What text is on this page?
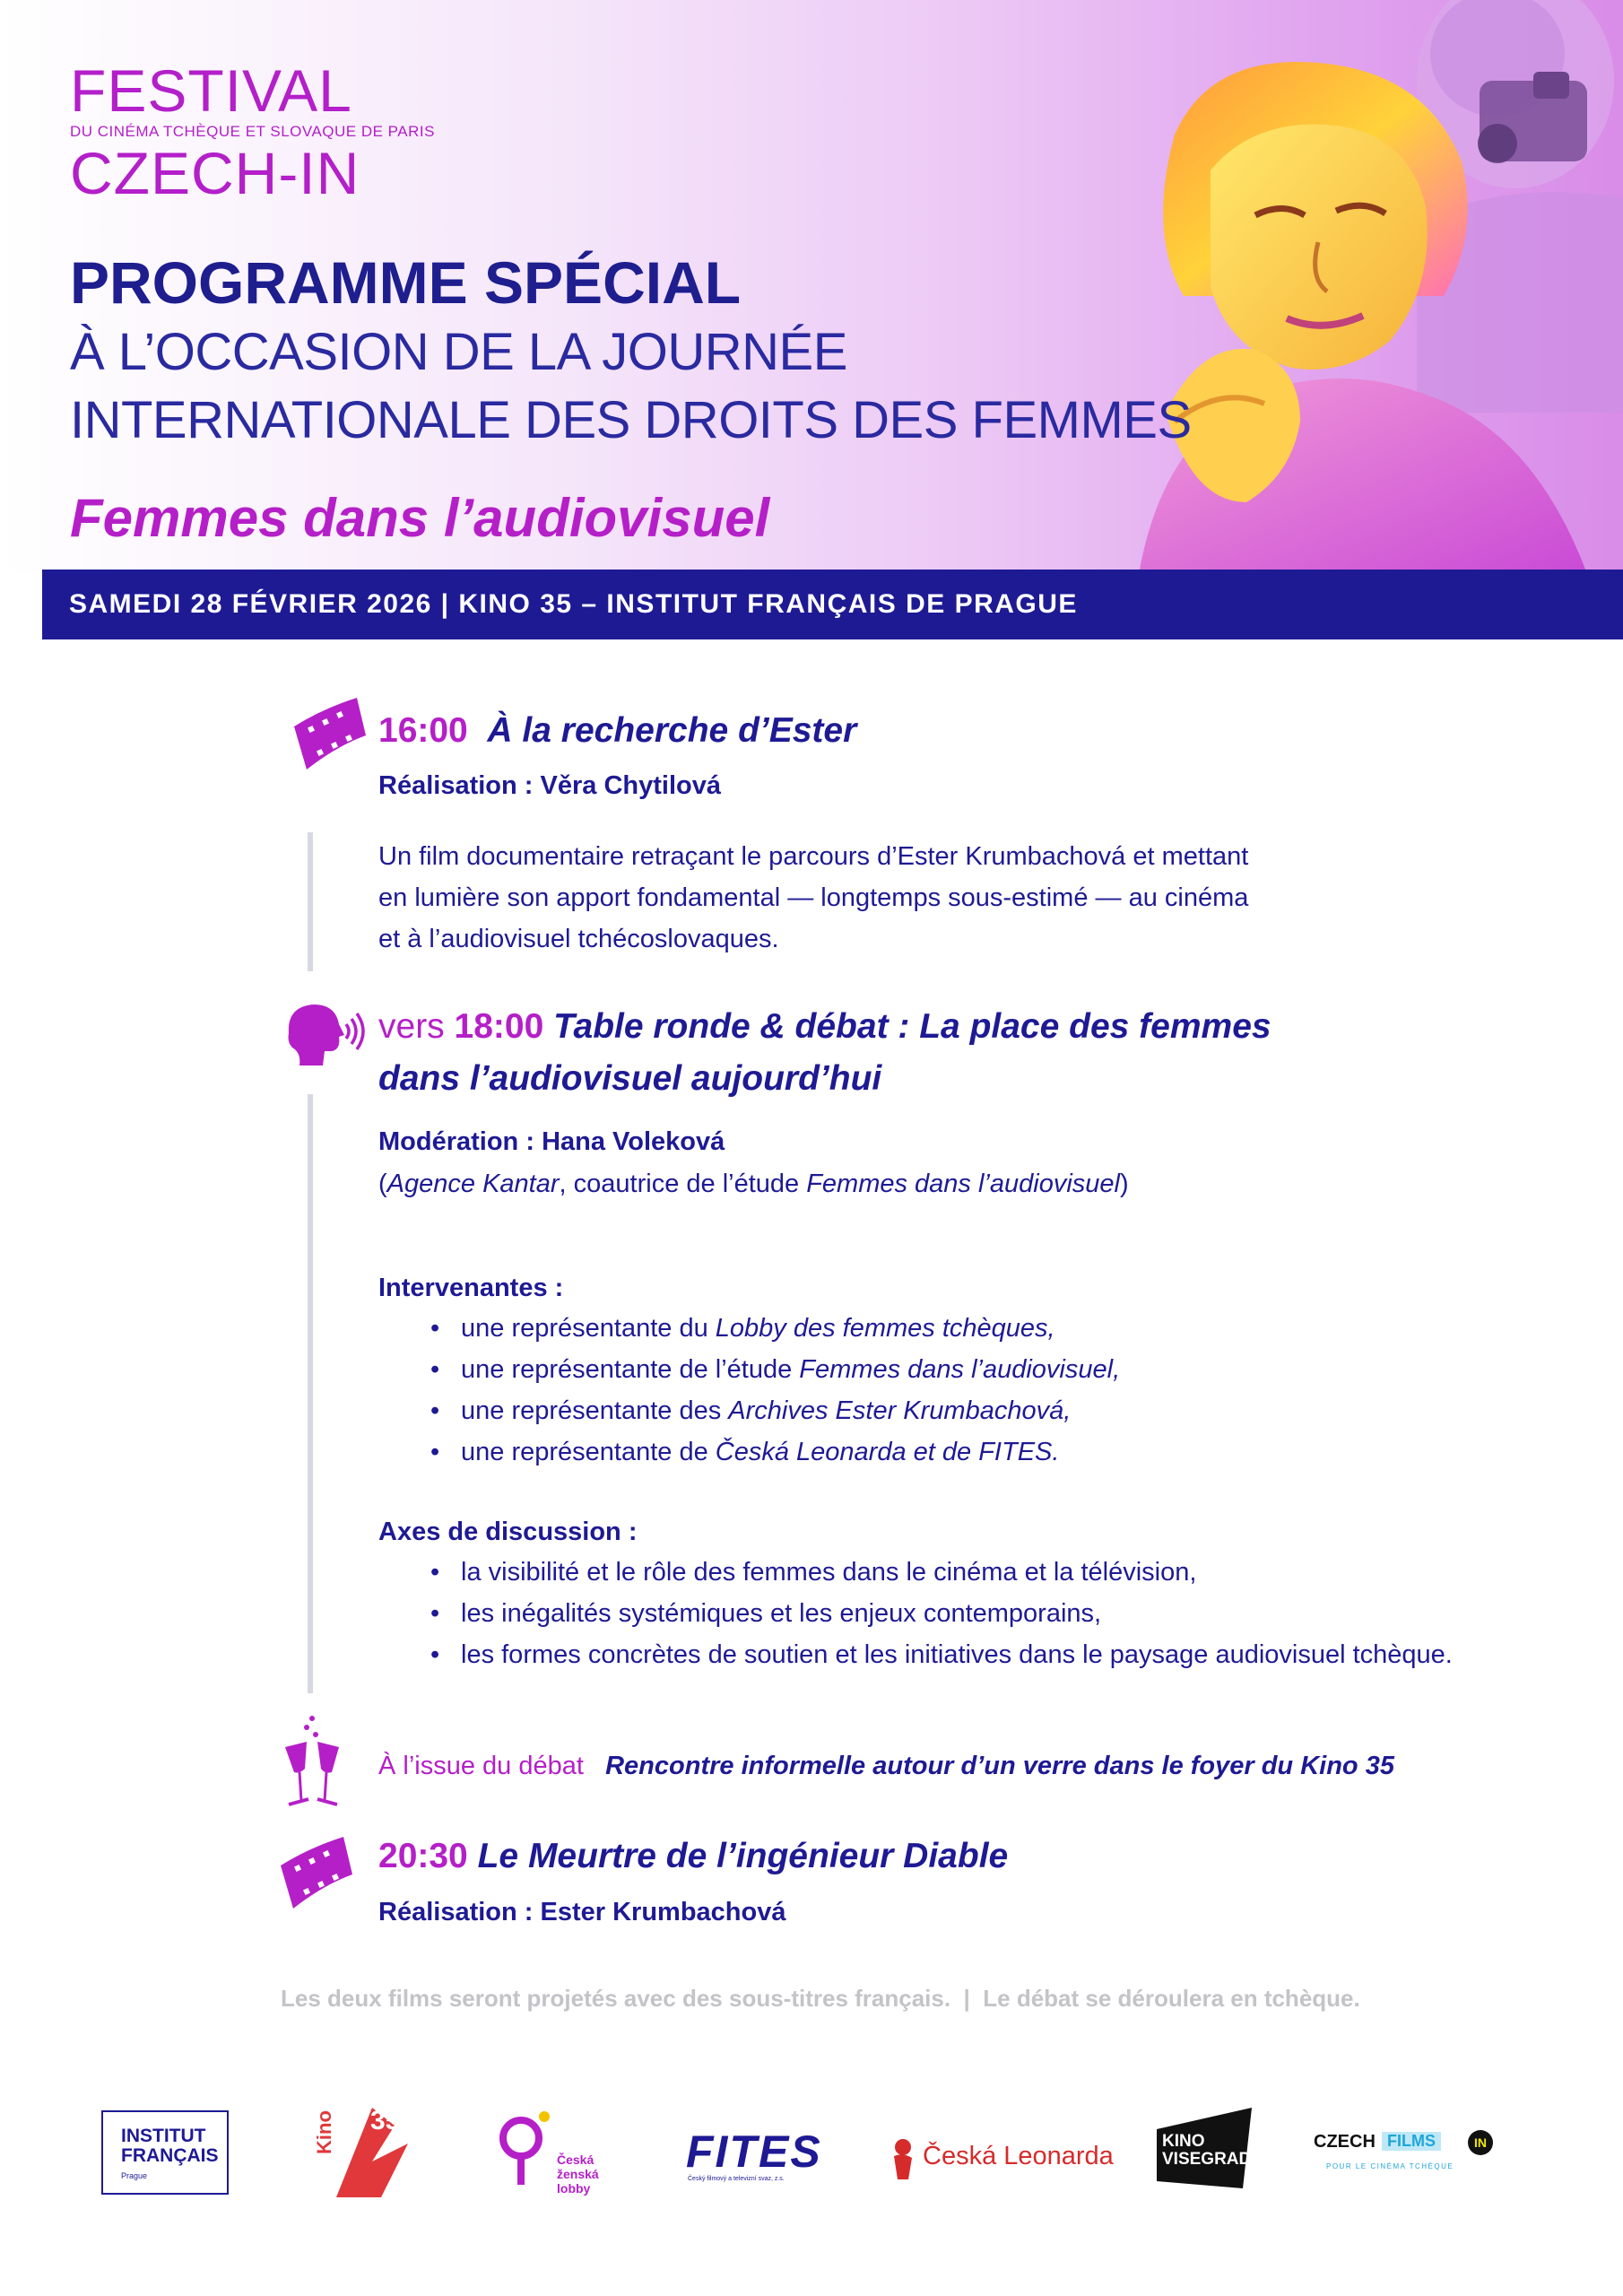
FESTIVAL
DU CINÉMA TCHÈQUE ET SLOVAQUE DE PARIS
CZECH-IN
PROGRAMME SPÉCIAL
À L’OCCASION DE LA JOURNÉE
INTERNATIONALE DES DROITS DES FEMMES
Femmes dans l’audiovisuel
SAMEDI 28 FÉVRIER 2026 | KINO 35 – INSTITUT FRANÇAIS DE PRAGUE
16:00 À la recherche d’Ester
Réalisation : Věra Chytilová
Un film documentaire retraçant le parcours d’Ester Krumbachová et mettant
en lumière son apport fondamental — longtemps sous-estimé — au cinéma
et à l’audiovisuel tchécoslovaques.
vers 18:00 Table ronde & débat : La place des femmes
dans l’audiovisuel aujourd’hui
Modération : Hana Voleková
(Agence Kantar, coautrice de l’étude Femmes dans l’audiovisuel)
Intervenantes :
• une représentante du Lobby des femmes tchèques,
• une représentante de l’étude Femmes dans l’audiovisuel,
• une représentante des Archives Ester Krumbachová,
• une représentante de Česká Leonarda et de FITES.
Axes de discussion :
• la visibilité et le rôle des femmes dans le cinéma et la télévision,
• les inégalités systémiques et les enjeux contemporains,
• les formes concrètes de soutien et les initiatives dans le paysage audiovisuel tchèque.
À l’issue du débat Rencontre informelle autour d’un verre dans le foyer du Kino 35
20:30 Le Meurtre de l’ingénieur Diable
Réalisation : Ester Krumbachová
Les deux films seront projetés avec des sous-titres français. | Le débat se déroulera en tchèque.
INSTITUT
FRANÇAIS
Prague
Kino 35
Česká
ženská
lobby
FITES
Český filmový a televizní svaz, z.s.
Česká Leonarda
KINO
VISEGRAD
CZECH FILMS	IN
POUR LE CINÉMA TCHÈQUE
